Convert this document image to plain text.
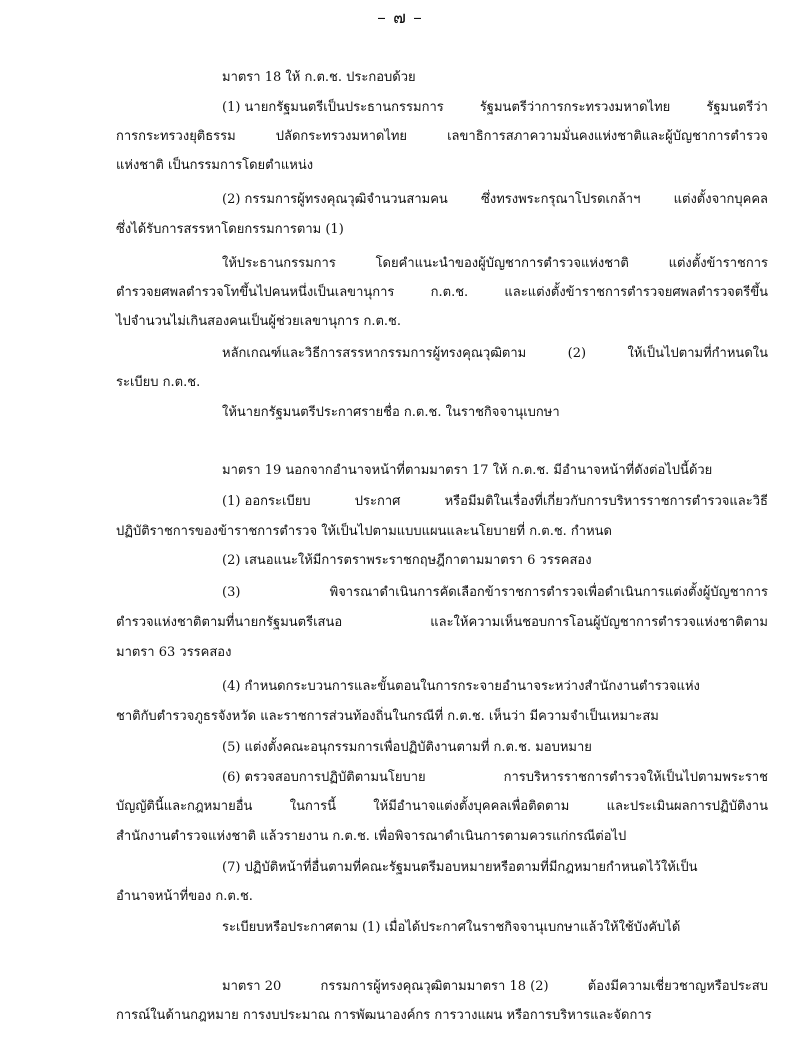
– ๗ –
มาตรา 18 ให้ ก.ต.ช. ประกอบด้วย
(1) นายกรัฐมนตรีเป็นประธานกรรมการ	รัฐมนตรีว่าการกระทรวงมหาดไทย	รัฐมนตรีว่า
การกระทรวงยุติธรรม	ปลัดกระทรวงมหาดไทย	เลขาธิการสภาความมั่นคงแห่งชาติและผู้บัญชาการตำรวจ
แห่งชาติ เป็นกรรมการโดยตำแหน่ง
(2) กรรมการผู้ทรงคุณวุฒิจำนวนสามคน	ซึ่งทรงพระกรุณาโปรดเกล้าฯ	แต่งตั้งจากบุคคล
ซึ่งได้รับการสรรหาโดยกรรมการตาม (1)
ให้ประธานกรรมการ	โดยคำแนะนำของผู้บัญชาการตำรวจแห่งชาติ	แต่งตั้งข้าราชการ
ตำรวจยศพลตำรวจโทขึ้นไปคนหนึ่งเป็นเลขานุการ	ก.ต.ช.	และแต่งตั้งข้าราชการตำรวจยศพลตำรวจตรีขึ้น
ไปจำนวนไม่เกินสองคนเป็นผู้ช่วยเลขานุการ ก.ต.ช.
หลักเกณฑ์และวิธีการสรรหากรรมการผู้ทรงคุณวุฒิตาม	(2)	ให้เป็นไปตามที่กำหนดใน
ระเบียบ ก.ต.ช.
ให้นายกรัฐมนตรีประกาศรายชื่อ ก.ต.ช. ในราชกิจจานุเบกษา
มาตรา 19 นอกจากอำนาจหน้าที่ตามมาตรา 17 ให้ ก.ต.ช. มีอำนาจหน้าที่ดังต่อไปนี้ด้วย
(1) ออกระเบียบ	ประกาศ	หรือมีมติในเรื่องที่เกี่ยวกับการบริหารราชการตำรวจและวิธี
ปฏิบัติราชการของข้าราชการตำรวจ ให้เป็นไปตามแบบแผนและนโยบายที่ ก.ต.ช. กำหนด
(2) เสนอแนะให้มีการตราพระราชกฤษฎีกาตามมาตรา 6 วรรคสอง
(3)	พิจารณาดำเนินการคัดเลือกข้าราชการตำรวจเพื่อดำเนินการแต่งตั้งผู้บัญชาการ
ตำรวจแห่งชาติตามที่นายกรัฐมนตรีเสนอ	และให้ความเห็นชอบการโอนผู้บัญชาการตำรวจแห่งชาติตาม
มาตรา 63 วรรคสอง
(4) กำหนดกระบวนการและขั้นตอนในการกระจายอำนาจระหว่างสำนักงานตำรวจแห่ง
ชาติกับตำรวจภูธรจังหวัด และราชการส่วนท้องถิ่นในกรณีที่ ก.ต.ช. เห็นว่า มีความจำเป็นเหมาะสม
(5) แต่งตั้งคณะอนุกรรมการเพื่อปฏิบัติงานตามที่ ก.ต.ช. มอบหมาย
(6) ตรวจสอบการปฏิบัติตามนโยบาย	การบริหารราชการตำรวจให้เป็นไปตามพระราช
บัญญัตินี้และกฎหมายอื่น	ในการนี้	ให้มีอำนาจแต่งตั้งบุคคลเพื่อติดตาม	และประเมินผลการปฏิบัติงาน
สำนักงานตำรวจแห่งชาติ แล้วรายงาน ก.ต.ช. เพื่อพิจารณาดำเนินการตามควรแก่กรณีต่อไป
(7) ปฏิบัติหน้าที่อื่นตามที่คณะรัฐมนตรีมอบหมายหรือตามที่มีกฎหมายกำหนดไว้ให้เป็น
อำนาจหน้าที่ของ ก.ต.ช.
ระเบียบหรือประกาศตาม (1) เมื่อได้ประกาศในราชกิจจานุเบกษาแล้วให้ใช้บังคับได้
มาตรา 20	กรรมการผู้ทรงคุณวุฒิตามมาตรา 18 (2)	ต้องมีความเชี่ยวชาญหรือประสบ
การณ์ในด้านกฎหมาย การงบประมาณ การพัฒนาองค์กร การวางแผน หรือการบริหารและจัดการ
